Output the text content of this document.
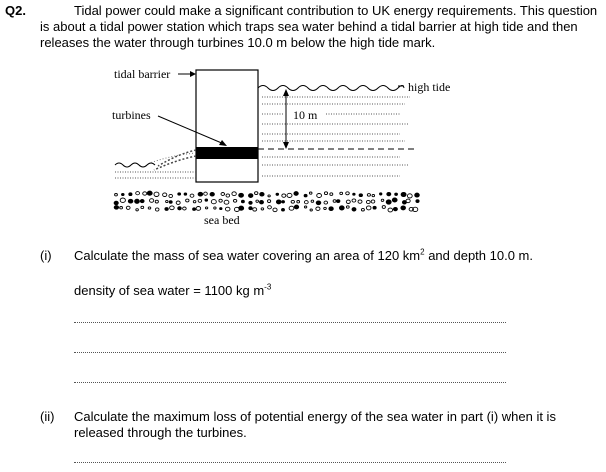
Q2.	Tidal power could make a significant contribution to UK energy requirements. This question is about a tidal power station which traps sea water behind a tidal barrier at high tide and then releases the water through turbines 10.0 m below the high tide mark.
tidal barrier
turbines
high tide
10 m
sea bed
(i) Calculate the mass of sea water covering an area of 120 $km^2$ and depth 10.0 m.
density of sea water = 1100 kg $m^{-3}$
(ii) Calculate the maximum loss of potential energy of the sea water in part (i) when it is released through the turbines.
